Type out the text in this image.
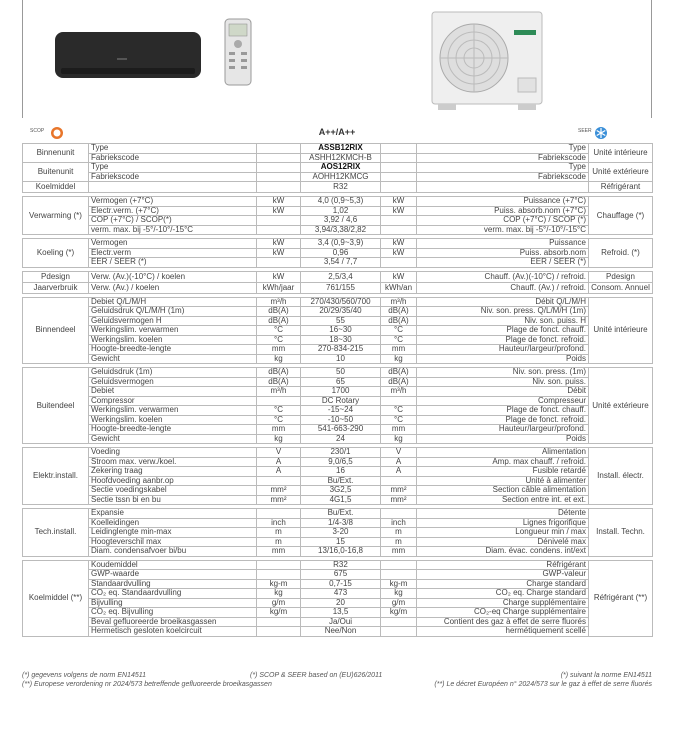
SCOP	A++/A++	SEER
Binnenunit	Type		ASSB12RIX		Type	Unité intérieure
	Fabriekscode		ASHH12KMCH-B		Fabriekscode	
Buitenunit	Type		AOS12RIX		Type	Unité extérieure
	Fabriekscode		AOHH12KMCG		Fabriekscode	
Koelmiddel			R32			Réfrigérant

Verwarming (*)	Vermogen (+7°C)	kW	4,0 (0,9~5,3)	kW	Puissance (+7°C)	Chauffage (*)
	Electr.verm. (+7°C)	kW	1,02	kW	Puiss. absorb.nom (+7°C)	
	COP (+7°C) / SCOP(*)		3,92 / 4,6		COP (+7°C) / SCOP (*)	
	verm. max. bij -5°/-10°/-15°C		3,94/3,38/2,82		verm. max. bij -5°/-10°/-15°C	

Koeling (*)	Vermogen	kW	3,4 (0,9~3,9)	kW	Puissance	Refroid. (*)
	Electr.verm	kW	0,96	kW	Puiss. absorb.nom	
	EER / SEER (*)		3,54 / 7,7		EER / SEER (*)	

Pdesign	Verw. (Av.)(-10°C) / koelen	kW	2,5/3,4	kW	Chauff. (Av.)(-10°C) / refroid.	Pdesign
Jaarverbruik	Verw. (Av.) / koelen	kWh/jaar	761/155	kWh/an	Chauff. (Av.) / refroid.	Consom. Annuel

Binnendeel	Debiet Q/L/M/H	m³/h	270/430/560/700	m³/h	Débit Q/L/M/H	Unité intérieure
	Geluidsdruk Q/L/M/H (1m)	dB(A)	20/29/35/40	dB(A)	Niv. son. press. Q/L/M/H (1m)	
	Geluidsvermogen H	dB(A)	55	dB(A)	Niv. son. puiss. H	
	Werkingslim. verwarmen	°C	16~30	°C	Plage de fonct. chauff.	
	Werkingslim. koelen	°C	18~30	°C	Plage de fonct. refroid.	
	Hoogte-breedte-lengte	mm	270-834-215	mm	Hauteur/largeur/profond.	
	Gewicht	kg	10	kg	Poids	

Buitendeel	Geluidsdruk (1m)	dB(A)	50	dB(A)	Niv. son. press. (1m)	Unité extérieure
	Geluidsvermogen	dB(A)	65	dB(A)	Niv. son. puiss.	
	Debiet	m³/h	1700	m³/h	Débit	
	Compressor		DC Rotary		Compresseur	
	Werkingslim. verwarmen	°C	-15~24	°C	Plage de fonct. chauff.	
	Werkingslim. koelen	°C	-10~50	°C	Plage de fonct. refroid.	
	Hoogte-breedte-lengte	mm	541-663-290	mm	Hauteur/largeur/profond.	
	Gewicht	kg	24	kg	Poids	

Elektr.install.	Voeding	V	230/1	V	Alimentation	Install. électr.
	Stroom max. verw./koel.	A	9,0/6,5	A	Amp. max chauff. / refroid.	
	Zekering traag	A	16	A	Fusible retardé	
	Hoofdvoeding aanbr.op		Bu/Ext.		Unité à alimenter	
	Sectie voedingskabel	mm²	3G2,5	mm²	Section câble alimentation	
	Sectie tssn bi en bu	mm²	4G1,5	mm²	Section entre int. et ext.	

Tech.install.	Expansie		Bu/Ext.		Détente	Install. Techn.
	Koelleidingen	inch	1/4-3/8	inch	Lignes frigorifique	
	Leidinglengte min-max	m	3-20	m	Longueur min / max	
	Hoogteverschil max	m	15	m	Dénivelé max	
	Diam. condensafvoer bi/bu	mm	13/16,0-16,8	mm	Diam. évac. condens. int/ext	

Koelmiddel (**)	Koudemiddel		R32		Réfrigérant	Réfrigérant (**)
	GWP-waarde		675		GWP-valeur	
	Standaardvulling	kg-m	0,7-15	kg-m	Charge standard	
	CO₂ eq. Standaardvulling	kg	473	kg	CO₂ eq. Charge standard	
	Bijvulling	g/m	20	g/m	Charge supplémentaire	
	CO₂ eq. Bijvulling	kg/m	13,5	kg/m	CO₂-eq Charge supplémentaire	
	Beval gefluoreerde broeikasgassen		Ja/Oui		Contient des gaz à effet de serre fluorés	
	Hermetisch gesloten koelcircuit		Nee/Non		hermétiquement scellé	
(*) gegevens volgens de norm EN14511	(*) SCOP & SEER based on (EU)626/2011	(*) suivant la norme EN14511
(**) Europese verordening nr 2024/573 betreffende gefluoreerde broeikasgassen	(**) Le décret Européen n° 2024/573 sur le gaz à effet de serre fluorés
